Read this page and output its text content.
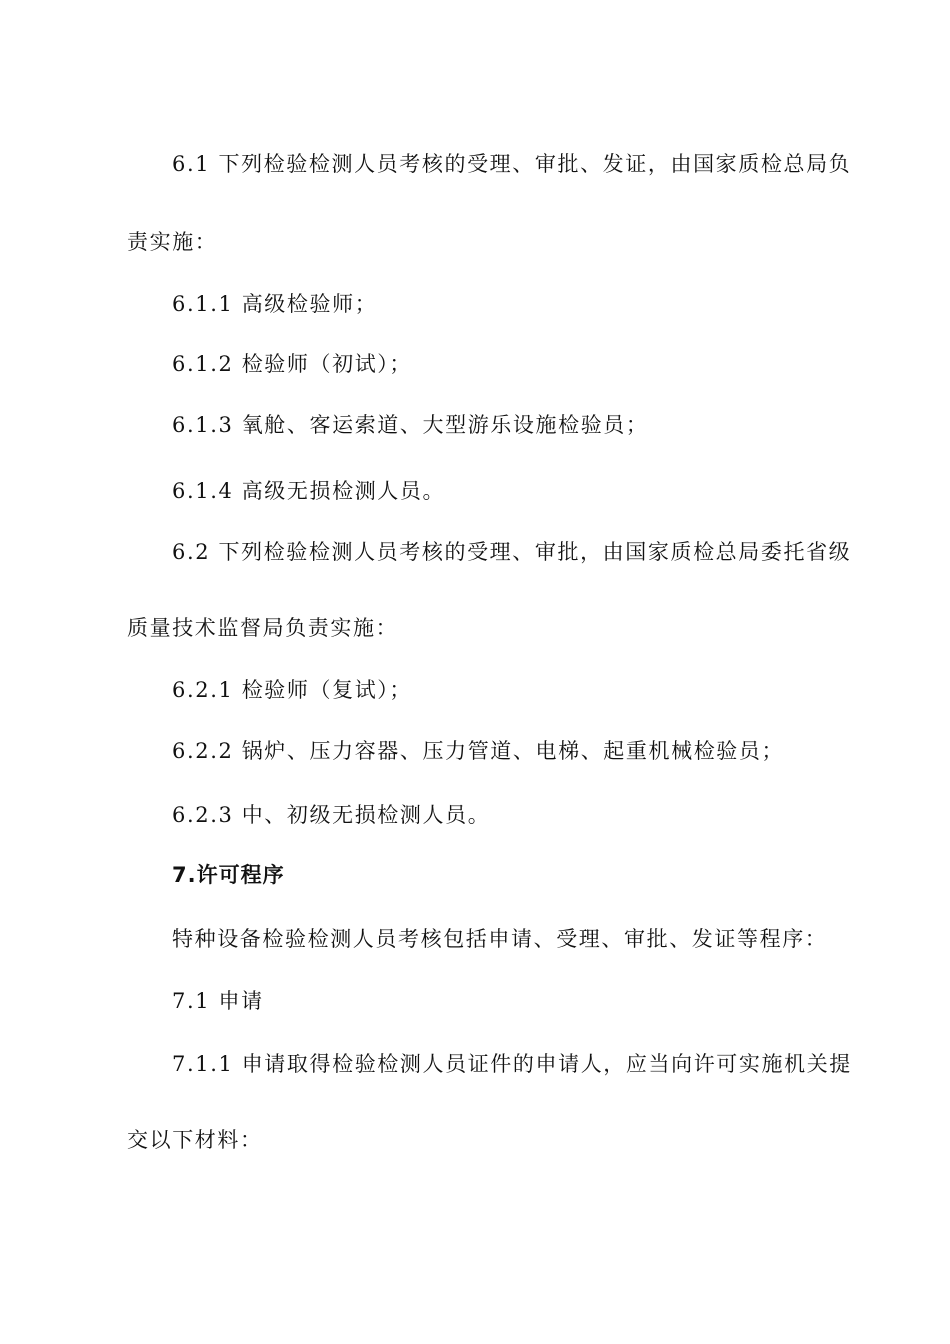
6.1 下列检验检测人员考核的受理、审批、发证，由国家质检总局负
责实施：
6.1.1 高级检验师；
6.1.2 检验师（初试）；
6.1.3 氧舱、客运索道、大型游乐设施检验员；
6.1.4 高级无损检测人员。
6.2 下列检验检测人员考核的受理、审批，由国家质检总局委托省级
质量技术监督局负责实施：
6.2.1 检验师（复试）；
6.2.2 锅炉、压力容器、压力管道、电梯、起重机械检验员；
6.2.3 中、初级无损检测人员。
7.许可程序
特种设备检验检测人员考核包括申请、受理、审批、发证等程序：
7.1 申请
7.1.1 申请取得检验检测人员证件的申请人，应当向许可实施机关提
交以下材料：
